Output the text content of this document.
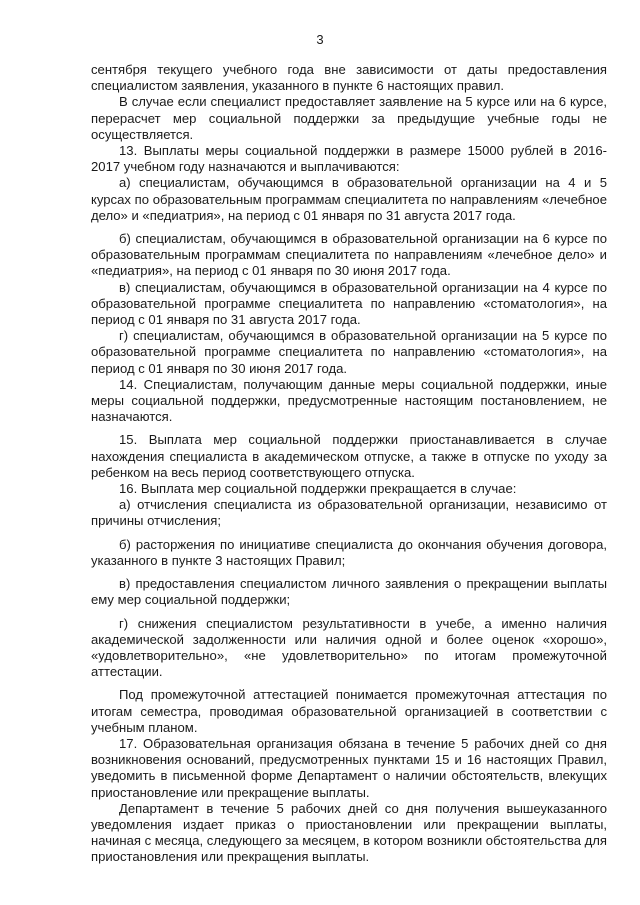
3

сентября текущего учебного года вне зависимости от даты предоставления специалистом заявления, указанного в пункте 6 настоящих правил.

В случае если специалист предоставляет заявление на 5 курсе или на 6 курсе, перерасчет мер социальной поддержки за предыдущие учебные годы не осуществляется.

13. Выплаты меры социальной поддержки в размере 15000 рублей в 2016-2017 учебном году назначаются и выплачиваются:

а) специалистам, обучающимся в образовательной организации на 4 и 5 курсах по образовательным программам специалитета по направлениям «лечебное дело» и «педиатрия», на период с 01 января по 31 августа 2017 года.

б) специалистам, обучающимся в образовательной организации на 6 курсе по образовательным программам специалитета по направлениям «лечебное дело» и «педиатрия», на период с 01 января по 30 июня 2017 года.

в) специалистам, обучающимся в образовательной организации на 4 курсе по образовательной программе специалитета по направлению «стоматология», на период с 01 января по 31 августа 2017 года.

г) специалистам, обучающимся в образовательной организации на 5 курсе по образовательной программе специалитета по направлению «стоматология», на период с 01 января по 30 июня 2017 года.

14. Специалистам, получающим данные меры социальной поддержки, иные меры социальной поддержки, предусмотренные настоящим постановлением, не назначаются.

15. Выплата мер социальной поддержки приостанавливается в случае нахождения специалиста в академическом отпуске, а также в отпуске по уходу за ребенком на весь период соответствующего отпуска.

16. Выплата мер социальной поддержки прекращается в случае:

а) отчисления специалиста из образовательной организации, независимо от причины отчисления;

б) расторжения по инициативе специалиста до окончания обучения договора, указанного в пункте 3 настоящих Правил;

в) предоставления специалистом личного заявления о прекращении выплаты ему мер социальной поддержки;

г) снижения специалистом результативности в учебе, а именно наличия академической задолженности или наличия одной и более оценок «хорошо», «удовлетворительно», «не удовлетворительно» по итогам промежуточной аттестации.

Под промежуточной аттестацией понимается промежуточная аттестация по итогам семестра, проводимая образовательной организацией в соответствии с учебным планом.

17. Образовательная организация обязана в течение 5 рабочих дней со дня возникновения оснований, предусмотренных пунктами 15 и 16 настоящих Правил, уведомить в письменной форме Департамент о наличии обстоятельств, влекущих приостановление или прекращение выплаты.

Департамент в течение 5 рабочих дней со дня получения вышеуказанного уведомления издает приказ о приостановлении или прекращении выплаты, начиная с месяца, следующего за месяцем, в котором возникли обстоятельства для приостановления или прекращения выплаты.
